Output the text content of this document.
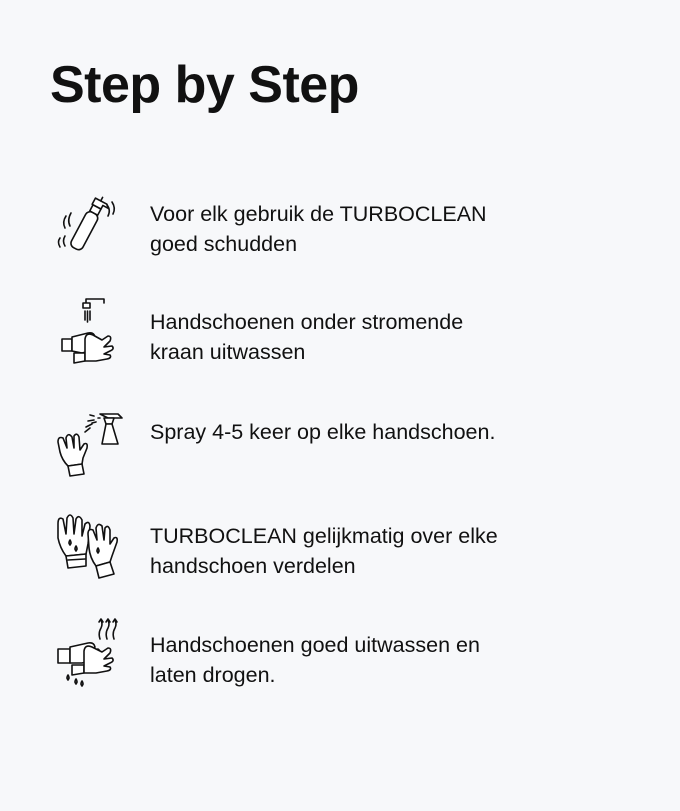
Step by Step
Voor elk gebruik de TURBOCLEAN
goed schudden
Handschoenen onder stromende
kraan uitwassen
Spray 4-5 keer op elke handschoen.
TURBOCLEAN gelijkmatig over elke
handschoen verdelen
Handschoenen goed uitwassen en
laten drogen.
